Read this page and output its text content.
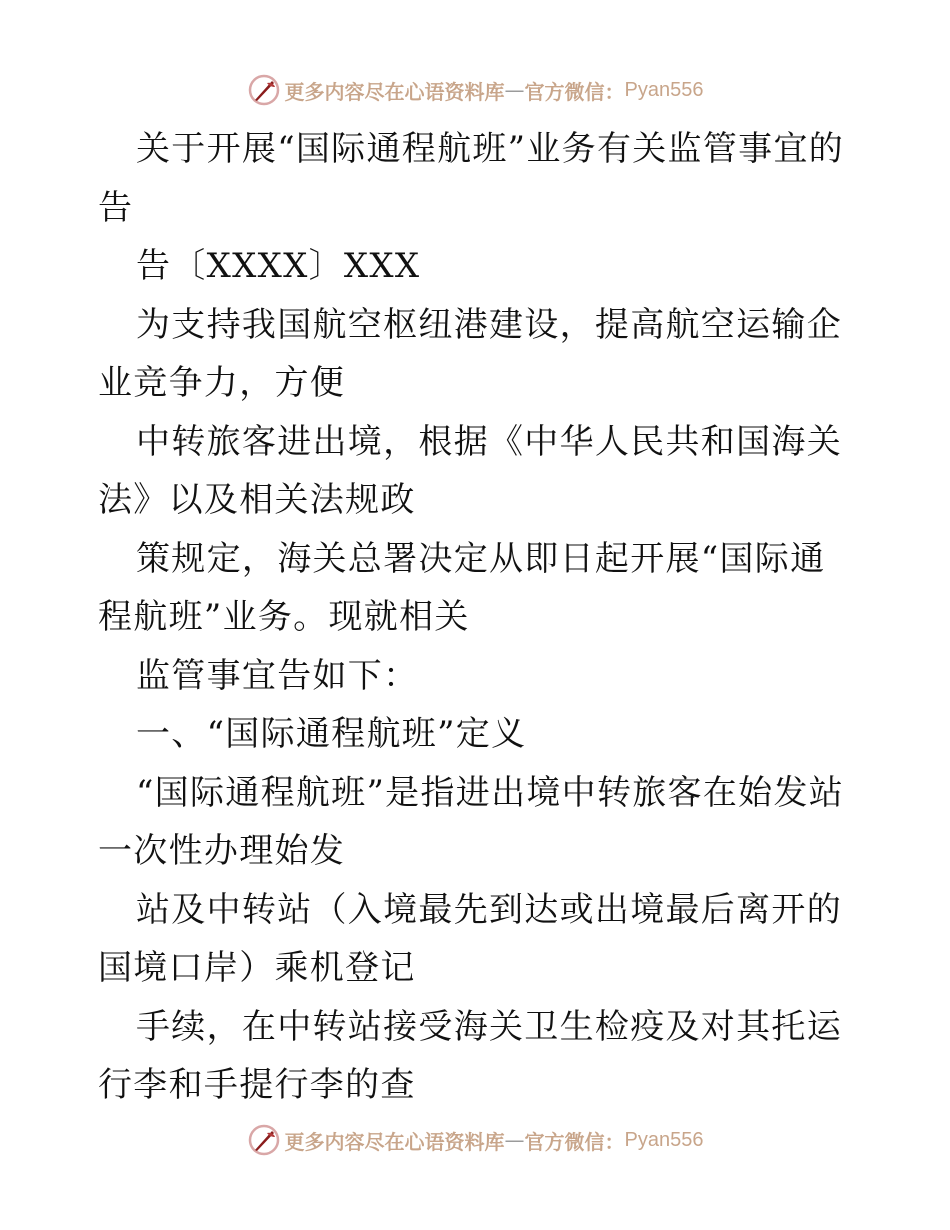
更多内容尽在心语资料库 — 官方微信： Pyan556

关于开展“国际通程航班”业务有关监管事宜的告

告〔XXXX〕XXX

为支持我国航空枢纽港建设，提高航空运输企业竞争力，方便

中转旅客进出境，根据《中华人民共和国海关法》以及相关法规政

策规定，海关总署决定从即日起开展“国际通程航班”业务。现就相关

监管事宜告如下：

一、“国际通程航班”定义

“国际通程航班”是指进出境中转旅客在始发站一次性办理始发

站及中转站（入境最先到达或出境最后离开的国境口岸）乘机登记

手续，在中转站接受海关卫生检疫及对其托运行李和手提行李的查

更多内容尽在心语资料库 — 官方微信： Pyan556
